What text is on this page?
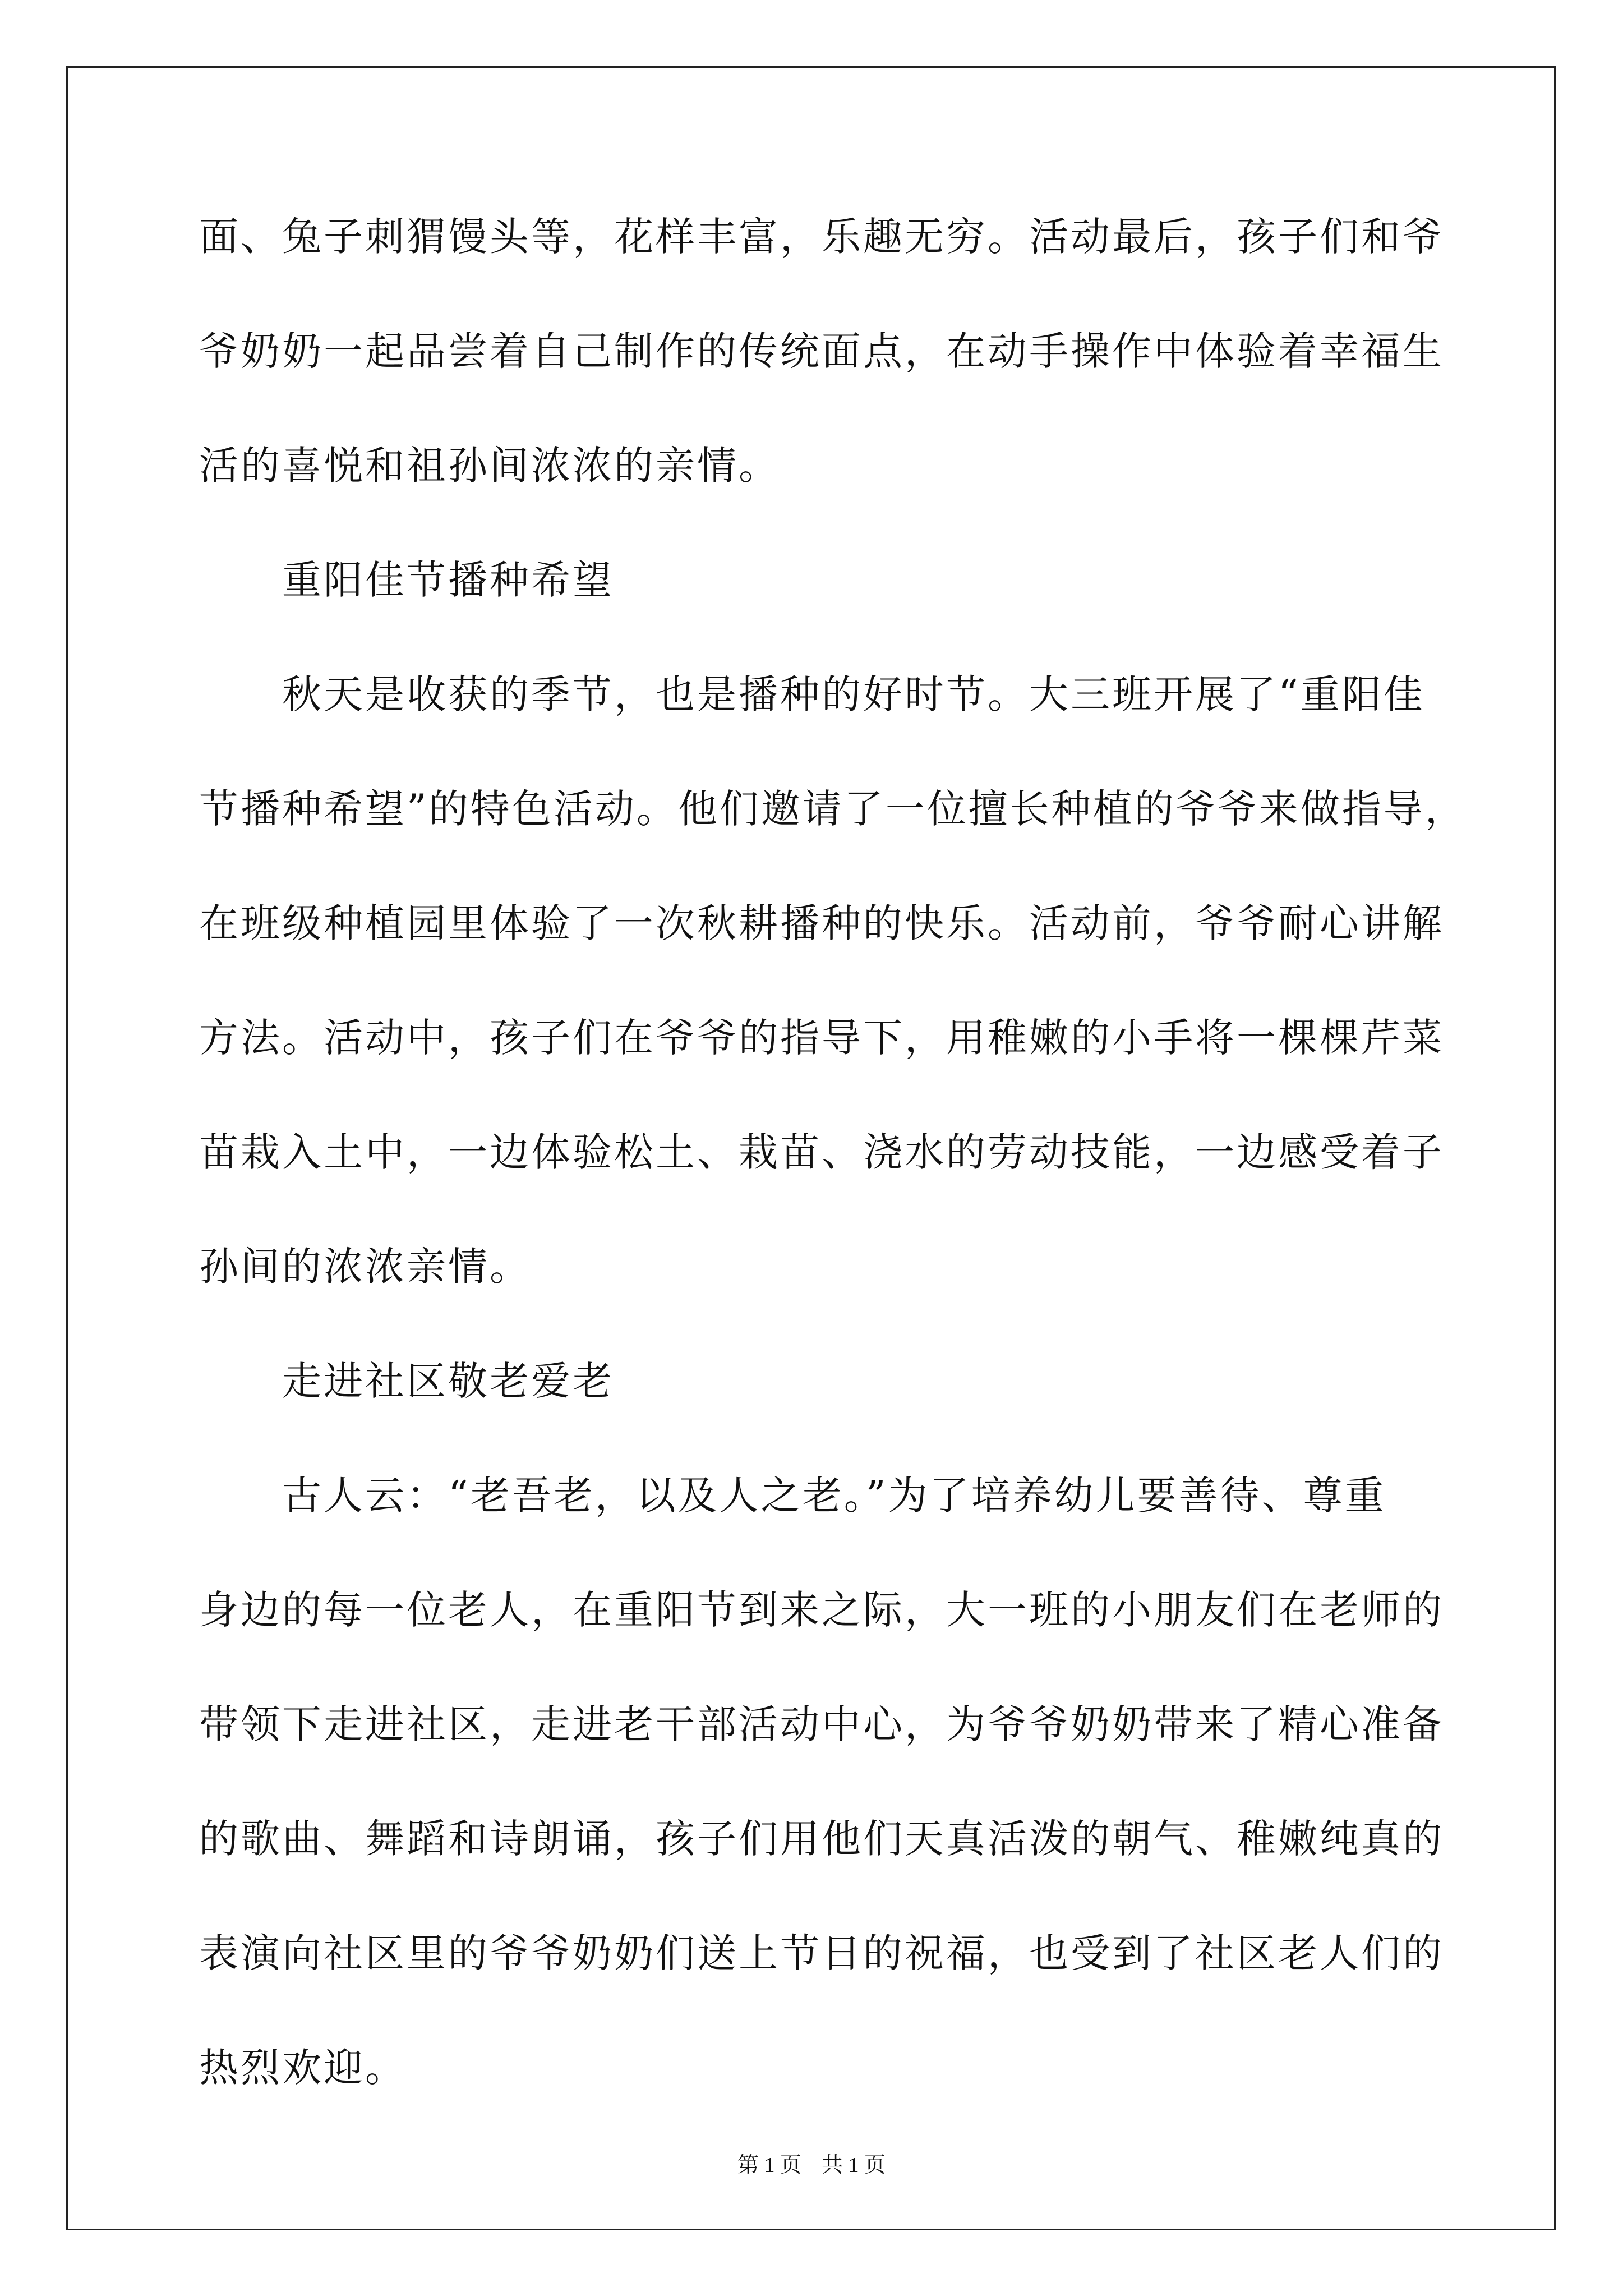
面、兔子刺猬馒头等，花样丰富，乐趣无穷。活动最后，孩子们和爷
爷奶奶一起品尝着自己制作的传统面点，在动手操作中体验着幸福生
活的喜悦和祖孙间浓浓的亲情。
重阳佳节播种希望
秋天是收获的季节，也是播种的好时节。大三班开展了“重阳佳
节播种希望”的特色活动。他们邀请了一位擅长种植的爷爷来做指导，
在班级种植园里体验了一次秋耕播种的快乐。活动前，爷爷耐心讲解
方法。活动中，孩子们在爷爷的指导下，用稚嫩的小手将一棵棵芹菜
苗栽入土中，一边体验松土、栽苗、浇水的劳动技能，一边感受着子
孙间的浓浓亲情。
走进社区敬老爱老
古人云：“老吾老，以及人之老。”为了培养幼儿要善待、尊重
身边的每一位老人，在重阳节到来之际，大一班的小朋友们在老师的
带领下走进社区，走进老干部活动中心，为爷爷奶奶带来了精心准备
的歌曲、舞蹈和诗朗诵，孩子们用他们天真活泼的朝气、稚嫩纯真的
表演向社区里的爷爷奶奶们送上节日的祝福，也受到了社区老人们的
热烈欢迎。
第 1 页 共 1 页
